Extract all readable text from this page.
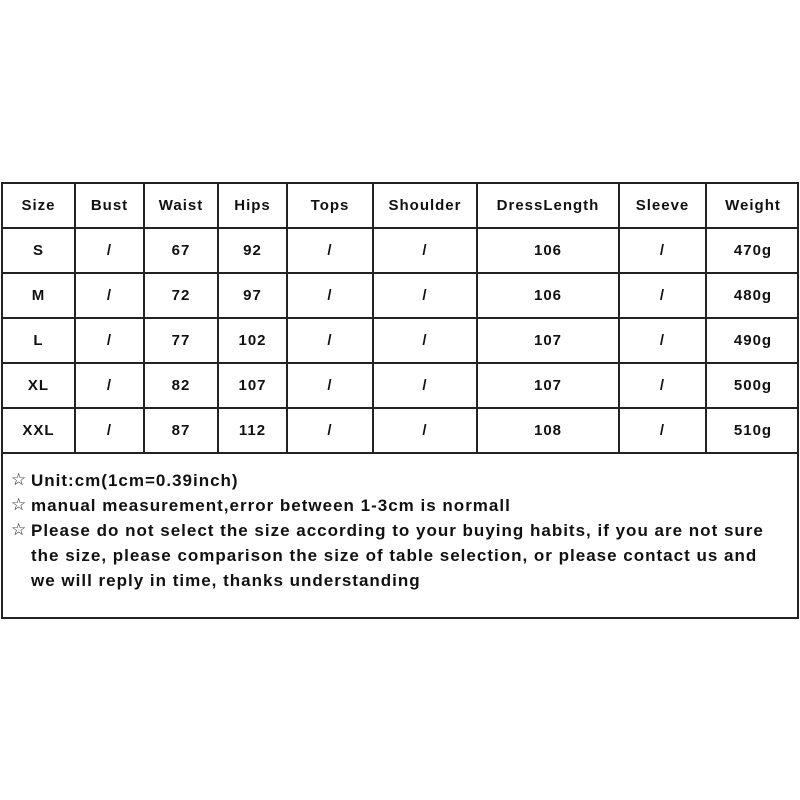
Size	Bust	Waist	Hips	Tops	Shoulder	DressLength	Sleeve	Weight
S	/	67	92	/	/	106	/	470g
M	/	72	97	/	/	106	/	480g
L	/	77	102	/	/	107	/	490g
XL	/	82	107	/	/	107	/	500g
XXL	/	87	112	/	/	108	/	510g
☆ Unit:cm(1cm=0.39inch)
☆ manual measurement,error between 1-3cm is normall
☆ Please do not select the size according to your buying habits, if you are not sure the size, please comparison the size of table selection, or please contact us and we will reply in time, thanks understanding
